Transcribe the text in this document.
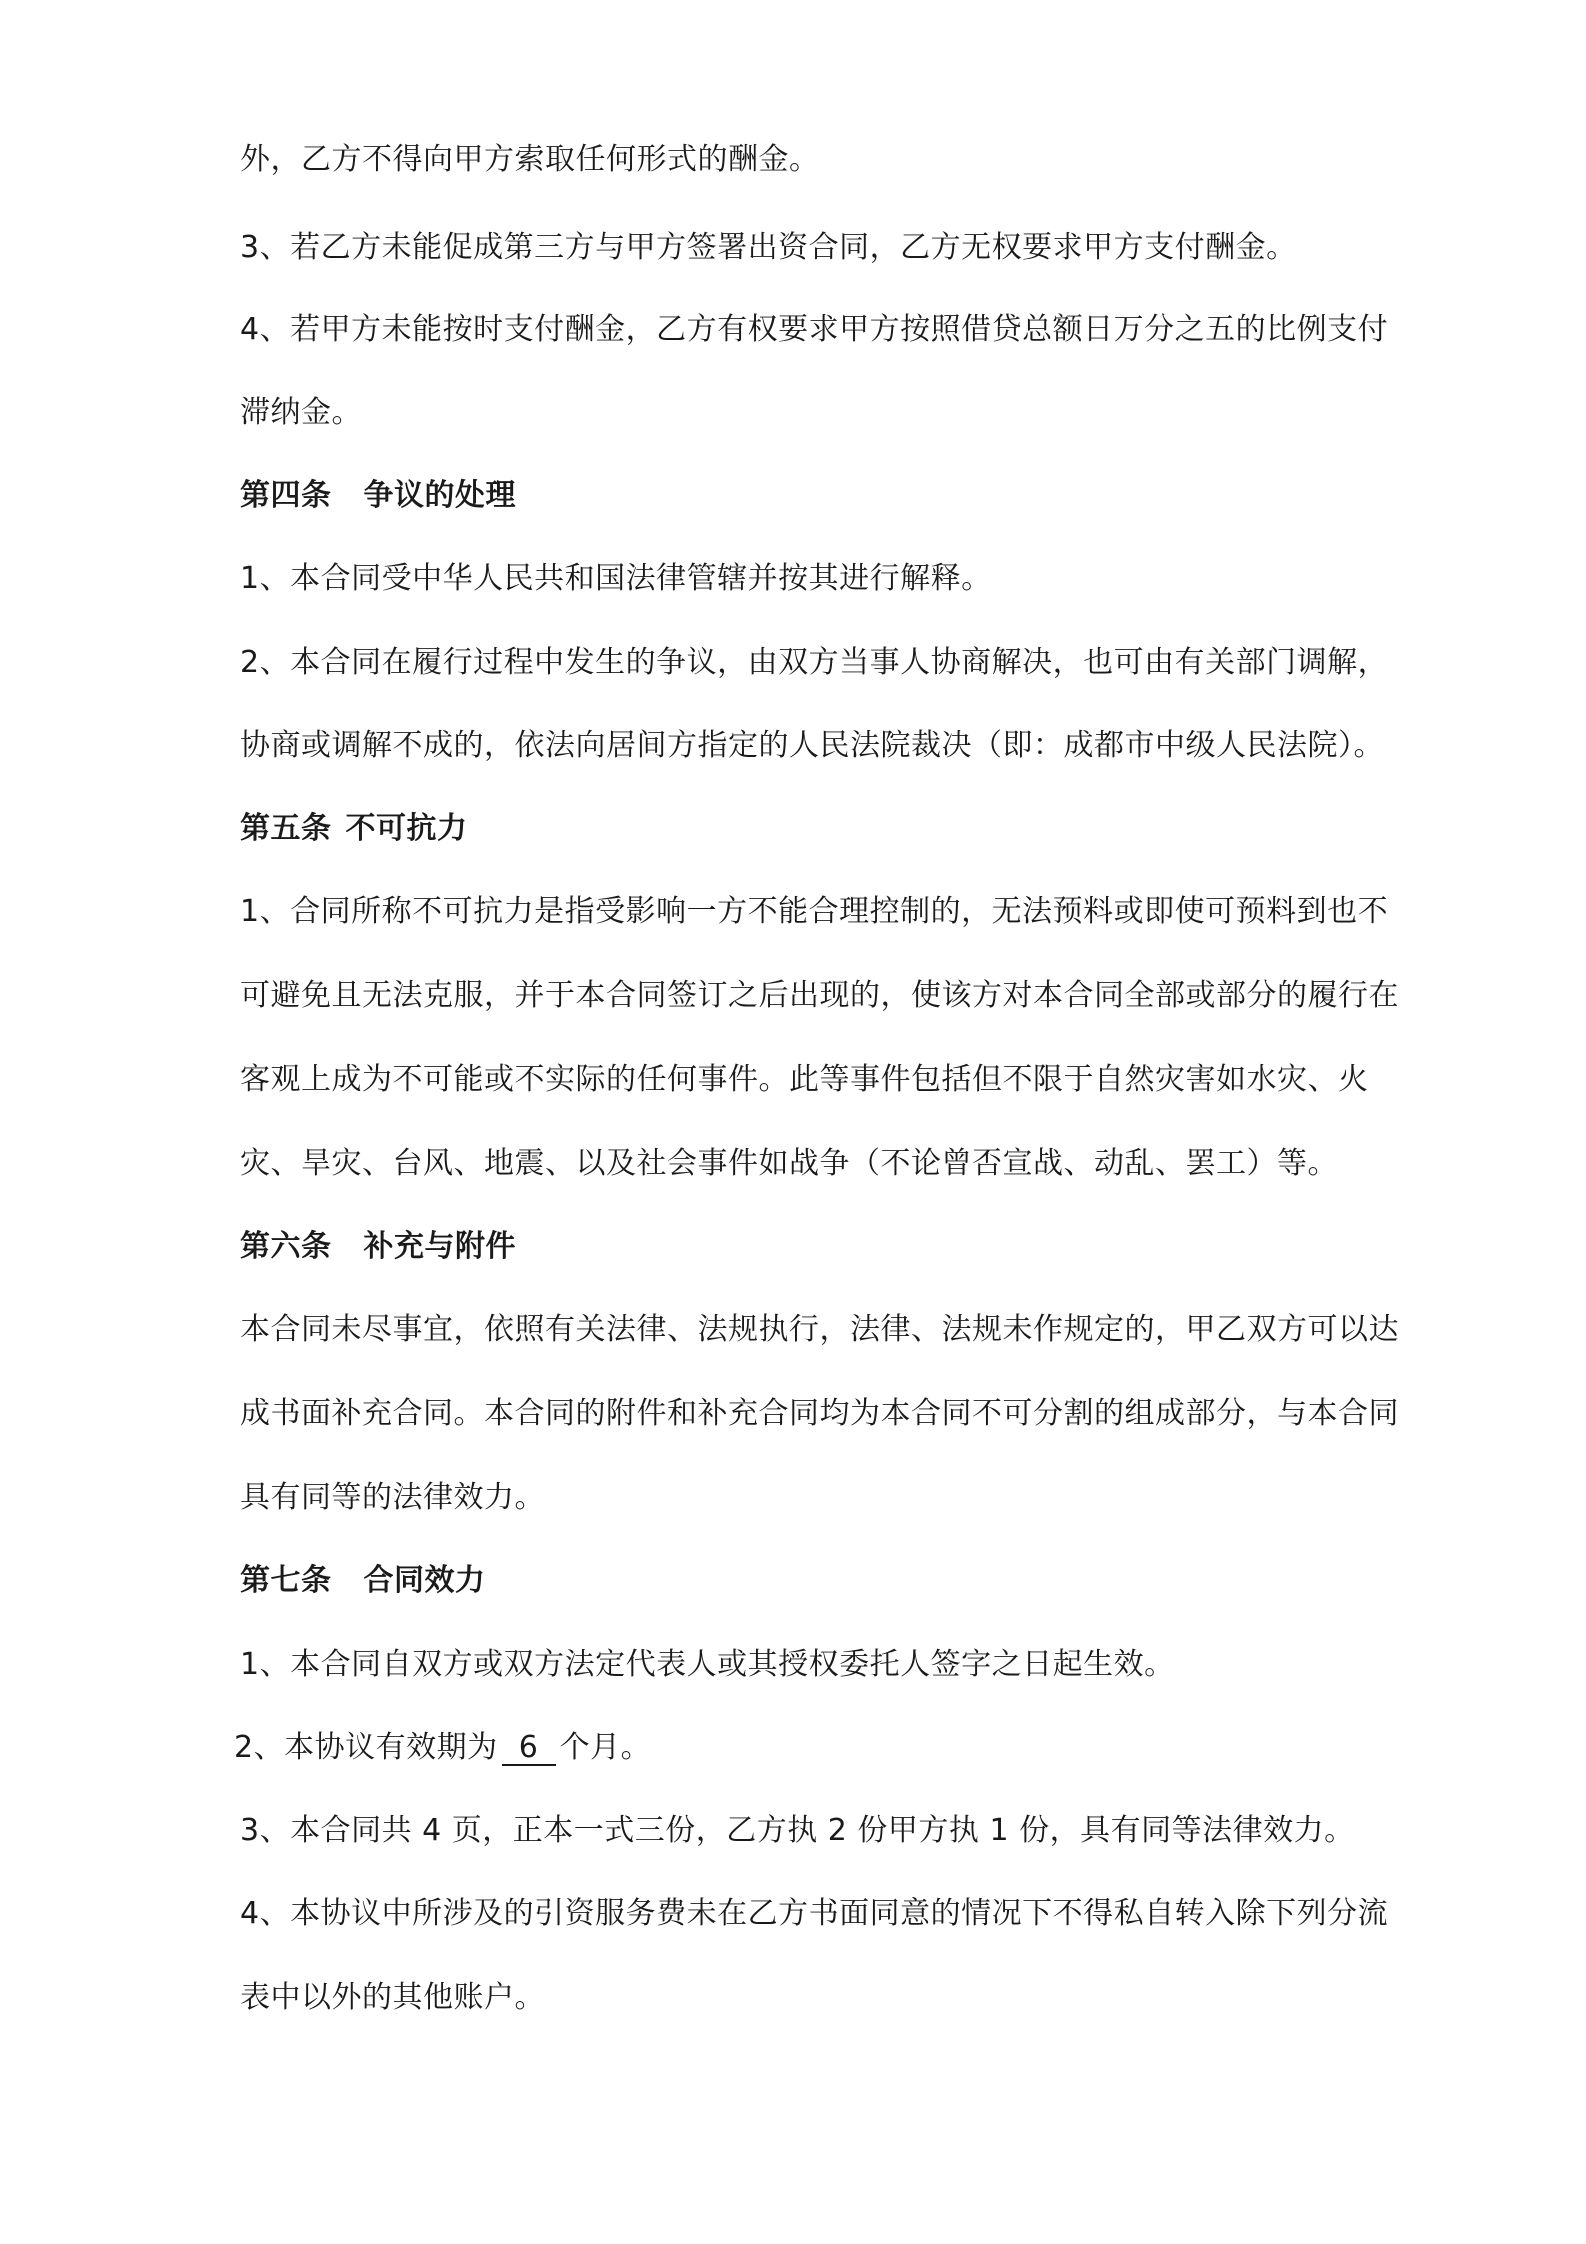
外，乙方不得向甲方索取任何形式的酬金。
3、若乙方未能促成第三方与甲方签署出资合同，乙方无权要求甲方支付酬金。
4、若甲方未能按时支付酬金，乙方有权要求甲方按照借贷总额日万分之五的比例支付
滞纳金。
第四条 争议的处理
1、本合同受中华人民共和国法律管辖并按其进行解释。
2、本合同在履行过程中发生的争议，由双方当事人协商解决，也可由有关部门调解，
协商或调解不成的，依法向居间方指定的人民法院裁决（即：成都市中级人民法院）。
第五条 不可抗力
1、合同所称不可抗力是指受影响一方不能合理控制的，无法预料或即使可预料到也不
可避免且无法克服，并于本合同签订之后出现的，使该方对本合同全部或部分的履行在
客观上成为不可能或不实际的任何事件。此等事件包括但不限于自然灾害如水灾、火
灾、旱灾、台风、地震、以及社会事件如战争（不论曾否宣战、动乱、罢工）等。
第六条 补充与附件
本合同未尽事宜，依照有关法律、法规执行，法律、法规未作规定的，甲乙双方可以达
成书面补充合同。本合同的附件和补充合同均为本合同不可分割的组成部分，与本合同
具有同等的法律效力。
第七条 合同效力
1、本合同自双方或双方法定代表人或其授权委托人签字之日起生效。
2、本协议有效期为 6 个月。
3、本合同共 4 页，正本一式三份，乙方执 2 份甲方执 1 份，具有同等法律效力。
4、本协议中所涉及的引资服务费未在乙方书面同意的情况下不得私自转入除下列分流
表中以外的其他账户。
